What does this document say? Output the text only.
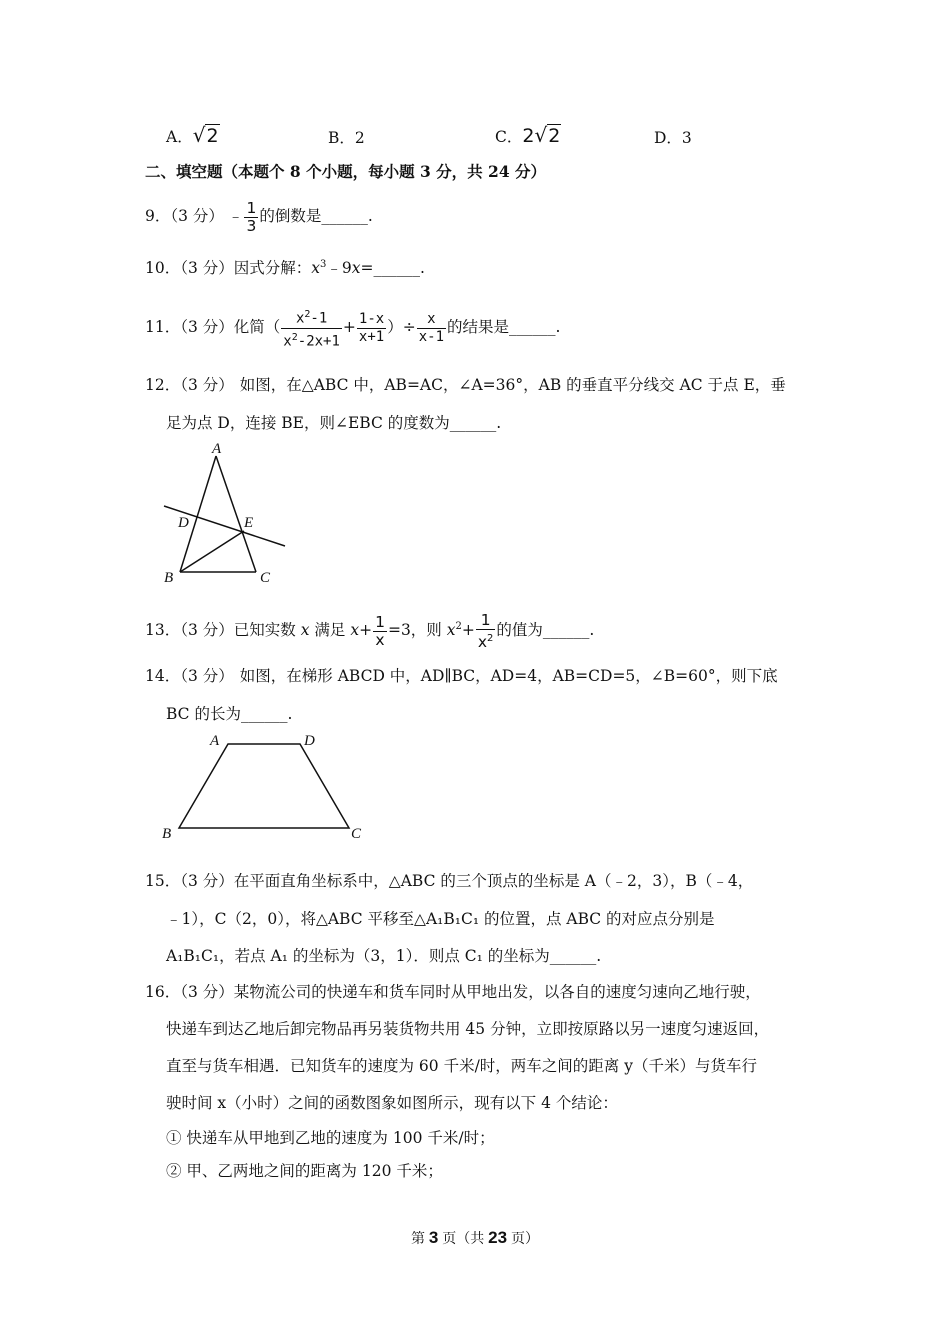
A．√2	B．2	C．2√2	D．3
二、填空题（本题个 8 个小题，每小题 3 分，共 24 分）
9．（3 分） ﹣ $\frac{1}{3}$ 的倒数是______.
10．（3 分）因式分解：$x^3﹣9x=\_\_\_\_\_\_$.
11．（3 分）化简（ $\frac{x^2-1}{x^2-2x+1} + \frac{1-x}{x+1}$ ）÷ $\frac{x}{x-1}$ 的结果是______.
12．（3 分） 如图，在△ABC 中，AB=AC，∠A=36°，AB 的垂直平分线交 AC 于点 E，垂
足为点 D，连接 BE，则∠EBC 的度数为______.
A
B	C
D	E
13．（3 分）已知实数 x 满足 $x+ \frac{1}{x} =3$，则 $x^2+ \frac{1}{x^2}$ 的值为______.
14．（3 分） 如图，在梯形 ABCD 中，AD∥BC，AD=4，AB=CD=5，∠B=60°，则下底
BC 的长为______.
A	D
B	C
15．（3 分）在平面直角坐标系中，△ABC 的三个顶点的坐标是 A（﹣2，3），B（﹣4，
﹣1），C（2，0），将△ABC 平移至△A₁B₁C₁ 的位置，点 ABC 的对应点分别是
A₁B₁C₁，若点 A₁ 的坐标为（3，1）．则点 C₁ 的坐标为______.
16．（3 分）某物流公司的快递车和货车同时从甲地出发，以各自的速度匀速向乙地行驶，
快递车到达乙地后卸完物品再另装货物共用 45 分钟，立即按原路以另一速度匀速返回，
直至与货车相遇．已知货车的速度为 60 千米/时，两车之间的距离 y（千米）与货车行
驶时间 x（小时）之间的函数图象如图所示，现有以下 4 个结论：
① 快递车从甲地到乙地的速度为 100 千米/时；
② 甲、乙两地之间的距离为 120 千米；
第 3 页（共 23 页）
